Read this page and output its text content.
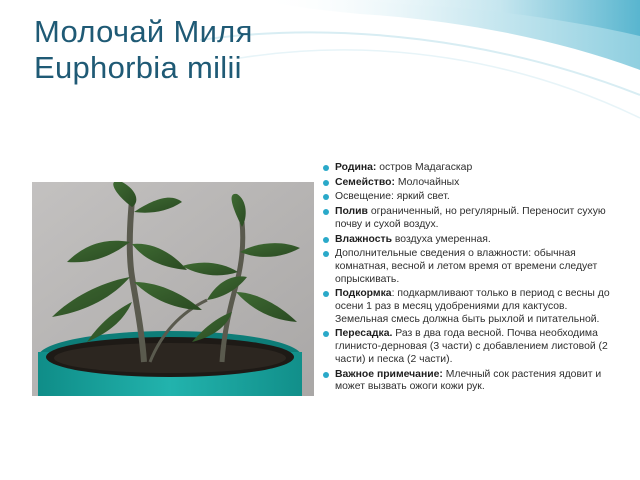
Молочай Миля
Euphorbia milii
Родина: остров Мадагаскар
Семейство: Молочайных
Освещение: яркий свет.
Полив ограниченный, но регулярный. Переносит сухую почву и сухой воздух.
Влажность воздуха умеренная.
Дополнительные сведения о влажности: обычная комнатная, весной и летом время от времени следует опрыскивать.
Подкормка: подкармливают только в период с весны до осени 1 раз в месяц удобрениями для кактусов. Земельная смесь должна быть рыхлой и питательной.
Пересадка. Раз в два года весной. Почва необходима глинисто-дерновая (3 части) с добавлением листовой (2 части) и песка (2 части).
Важное примечание: Млечный сок растения ядовит и может вызвать ожоги кожи рук.
